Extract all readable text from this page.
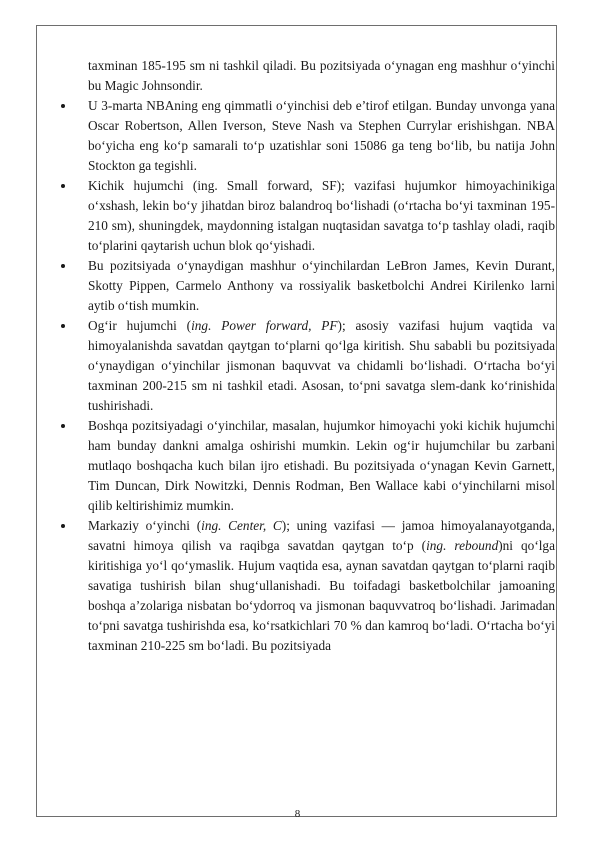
taxminan 185-195 sm ni tashkil qiladi. Bu pozitsiyada o‘ynagan eng mashhur o‘yinchi bu Magic Johnsondir.

U 3-marta NBAning eng qimmatli o‘yinchisi deb e’tirof etilgan. Bunday unvonga yana Oscar Robertson, Allen Iverson, Steve Nash va Stephen Currylar erishishgan. NBA bo‘yicha eng ko‘p samarali to‘p uzatishlar soni 15086 ga teng bo‘lib, bu natija John Stockton ga tegishli.

Kichik hujumchi (ing. Small forward, SF); vazifasi hujumkor himoyachinikiga o‘xshash, lekin bo‘y jihatdan biroz balandroq bo‘lishadi (o‘rtacha bo‘yi taxminan 195-210 sm), shuningdek, maydonning istalgan nuqtasidan savatga to‘p tashlay oladi, raqib to‘plarini qaytarish uchun blok qo‘yishadi.

Bu pozitsiyada o‘ynaydigan mashhur o‘yinchilardan LeBron James, Kevin Durant, Skotty Pippen, Carmelo Anthony va rossiyalik basketbolchi Andrei Kirilenko larni aytib o‘tish mumkin.

Og‘ir hujumchi (ing. Power forward, PF); asosiy vazifasi hujum vaqtida va himoyalanishda savatdan qaytgan to‘plarni qo‘lga kiritish. Shu sababli bu pozitsiyada o‘ynaydigan o‘yinchilar jismonan baquvvat va chidamli bo‘lishadi. O‘rtacha bo‘yi taxminan 200-215 sm ni tashkil etadi. Asosan, to‘pni savatga slem-dank ko‘rinishida tushirishadi.

Boshqa pozitsiyadagi o‘yinchilar, masalan, hujumkor himoyachi yoki kichik hujumchi ham bunday dankni amalga oshirishi mumkin. Lekin og‘ir hujumchilar bu zarbani mutlaqo boshqacha kuch bilan ijro etishadi. Bu pozitsiyada o‘ynagan Kevin Garnett, Tim Duncan, Dirk Nowitzki, Dennis Rodman, Ben Wallace kabi o‘yinchilarni misol qilib keltirishimiz mumkin.

Markaziy o‘yinchi (ing. Center, C); uning vazifasi — jamoa himoyalanayotganda, savatni himoya qilish va raqibga savatdan qaytgan to‘p (ing. rebound)ni qo‘lga kiritishiga yo‘l qo‘ymaslik. Hujum vaqtida esa, aynan savatdan qaytgan to‘plarni raqib savatiga tushirish bilan shug‘ullanishadi. Bu toifadagi basketbolchilar jamoaning boshqa a’zolariga nisbatan bo‘ydorroq va jismonan baquvvatroq bo‘lishadi. Jarimadan to‘pni savatga tushirishda esa, ko‘rsatkichlari 70 % dan kamroq bo‘ladi. O‘rtacha bo‘yi taxminan 210-225 sm bo‘ladi. Bu pozitsiyada

8
